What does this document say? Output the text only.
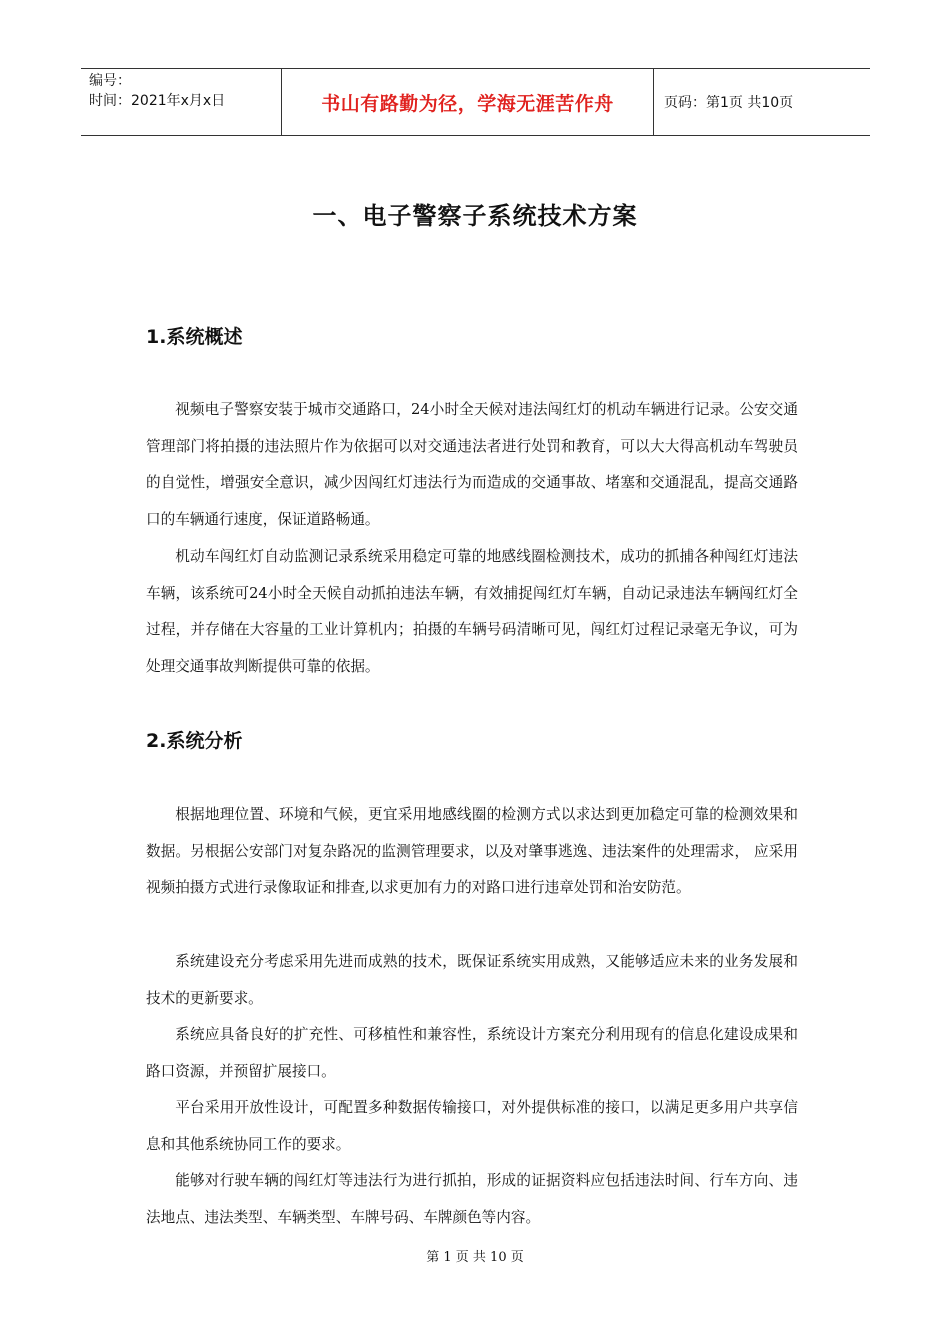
编号：
时间：2021年x月x日	书山有路勤为径，学海无涯苦作舟	页码：第1页 共10页
一、电子警察子系统技术方案
1.系统概述

视频电子警察安装于城市交通路口，24小时全天候对违法闯红灯的机动车辆进行记录。公安交通管理部门将拍摄的违法照片作为依据可以对交通违法者进行处罚和教育，可以大大得高机动车驾驶员的自觉性，增强安全意识，减少因闯红灯违法行为而造成的交通事故、堵塞和交通混乱，提高交通路口的车辆通行速度，保证道路畅通。

机动车闯红灯自动监测记录系统采用稳定可靠的地感线圈检测技术，成功的抓捕各种闯红灯违法车辆，该系统可24小时全天候自动抓拍违法车辆，有效捕捉闯红灯车辆，自动记录违法车辆闯红灯全过程，并存储在大容量的工业计算机内；拍摄的车辆号码清晰可见，闯红灯过程记录毫无争议，可为处理交通事故判断提供可靠的依据。

2.系统分析

根据地理位置、环境和气候，更宜采用地感线圈的检测方式以求达到更加稳定可靠的检测效果和数据。另根据公安部门对复杂路况的监测管理要求，以及对肇事逃逸、违法案件的处理需求， 应采用视频拍摄方式进行录像取证和排查,以求更加有力的对路口进行违章处罚和治安防范。

系统建设充分考虑采用先进而成熟的技术，既保证系统实用成熟，又能够适应未来的业务发展和技术的更新要求。

系统应具备良好的扩充性、可移植性和兼容性，系统设计方案充分利用现有的信息化建设成果和路口资源，并预留扩展接口。

平台采用开放性设计，可配置多种数据传输接口，对外提供标准的接口，以满足更多用户共享信息和其他系统协同工作的要求。

能够对行驶车辆的闯红灯等违法行为进行抓拍，形成的证据资料应包括违法时间、行车方向、违法地点、违法类型、车辆类型、车牌号码、车牌颜色等内容。

第 1 页 共 10 页
